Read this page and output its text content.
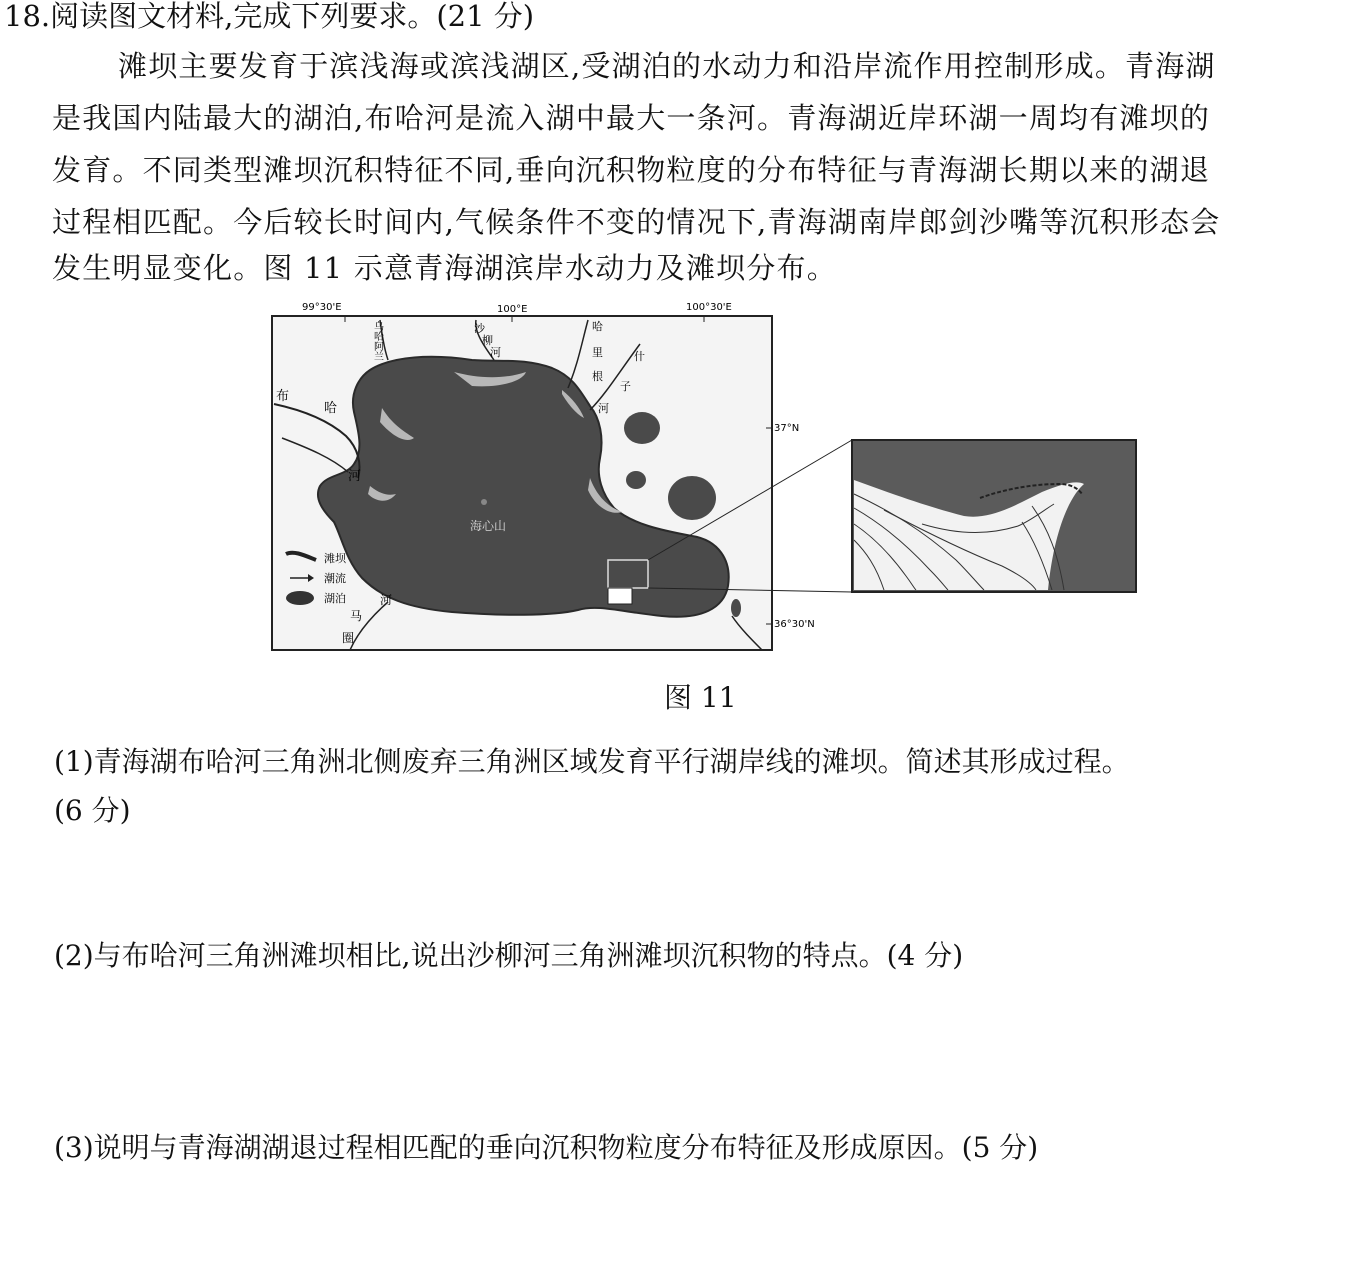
18.阅读图文材料,完成下列要求。(21 分)
滩坝主要发育于滨浅海或滨浅湖区,受湖泊的水动力和沿岸流作用控制形成。青海湖
是我国内陆最大的湖泊,布哈河是流入湖中最大一条河。青海湖近岸环湖一周均有滩坝的
发育。不同类型滩坝沉积特征不同,垂向沉积物粒度的分布特征与青海湖长期以来的湖退
过程相匹配。今后较长时间内,气候条件不变的情况下,青海湖南岸郎剑沙嘴等沉积形态会
发生明显变化。图 11 示意青海湖滨岸水动力及滩坝分布。
99°30'E	100°E	100°30'E
37°N
36°30'N
布
哈
河
乌
哈
阿
兰
沙
柳
河
哈
里
根
河
什
子
河
马
圈
海心山
滩坝
潮流
湖泊
图 11
(1)青海湖布哈河三角洲北侧废弃三角洲区域发育平行湖岸线的滩坝。简述其形成过程。
(6 分)
(2)与布哈河三角洲滩坝相比,说出沙柳河三角洲滩坝沉积物的特点。(4 分)
(3)说明与青海湖湖退过程相匹配的垂向沉积物粒度分布特征及形成原因。(5 分)
